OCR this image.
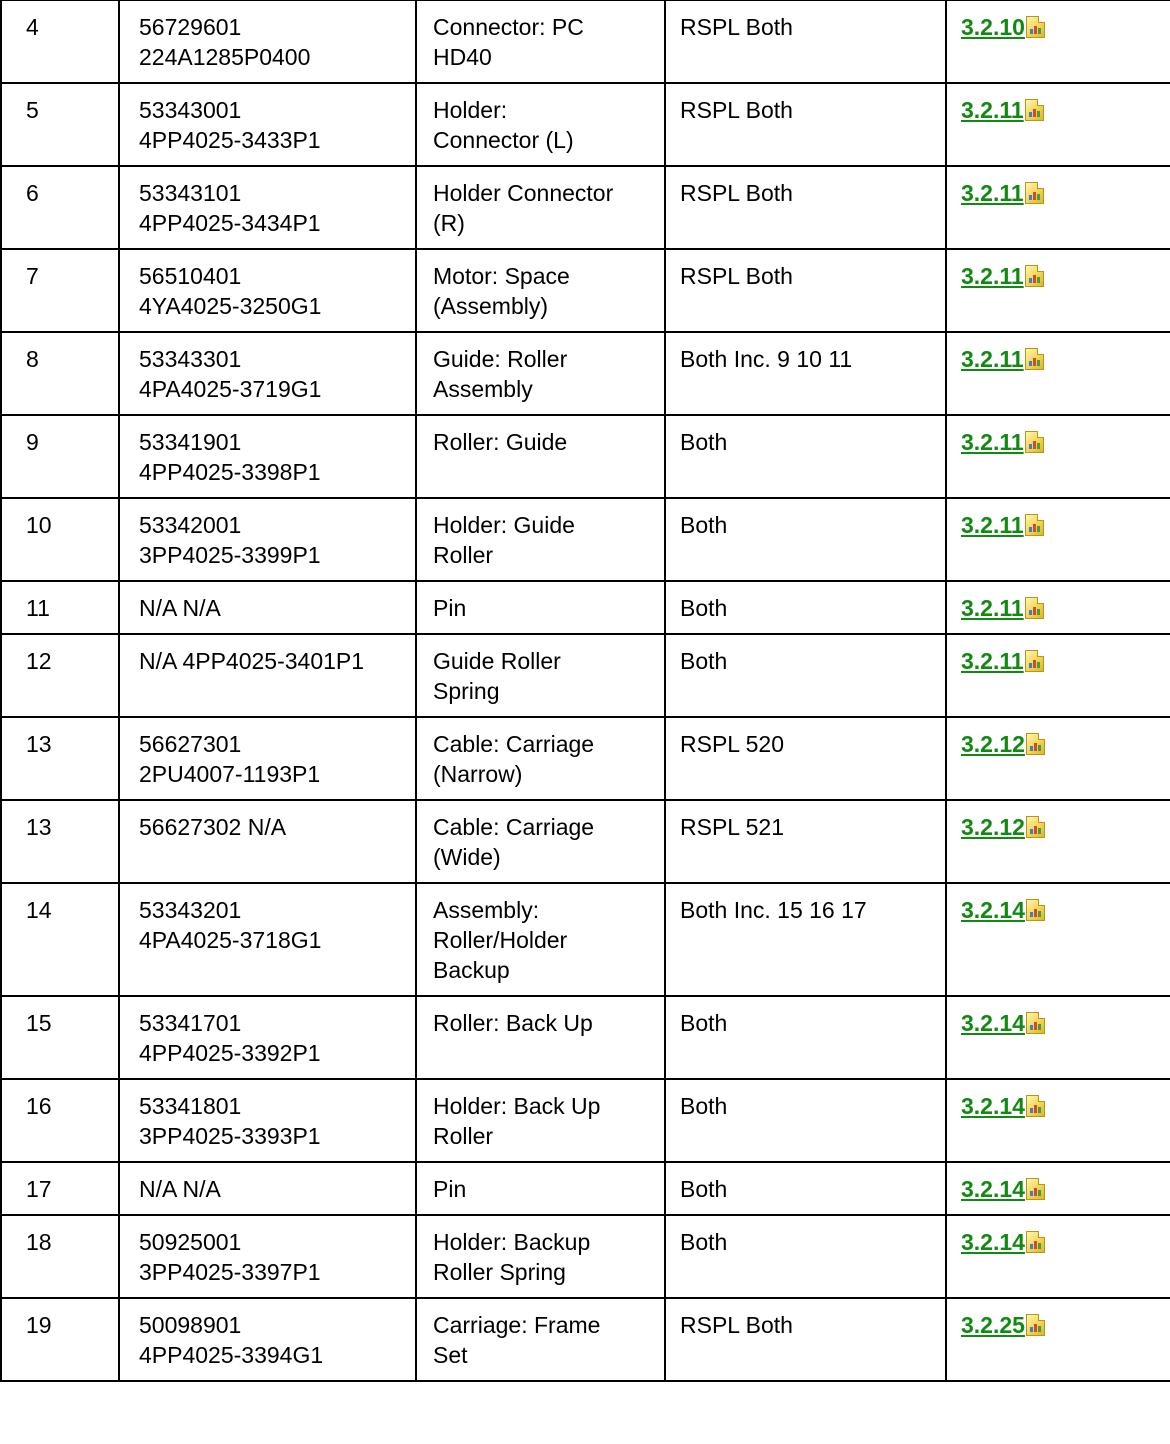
4	56729601
224A1285P0400	Connector: PC
HD40	RSPL Both	3.2.10

5	53343001
4PP4025-3433P1	Holder:
Connector (L)	RSPL Both	3.2.11

6	53343101
4PP4025-3434P1	Holder Connector
(R)	RSPL Both	3.2.11

7	56510401
4YA4025-3250G1	Motor: Space
(Assembly)	RSPL Both	3.2.11

8	53343301
4PA4025-3719G1	Guide: Roller
Assembly	Both Inc. 9 10 11	3.2.11

9	53341901
4PP4025-3398P1	Roller: Guide	Both	3.2.11

10	53342001
3PP4025-3399P1	Holder: Guide
Roller	Both	3.2.11

11	N/A N/A	Pin	Both	3.2.11

12	N/A 4PP4025-3401P1	Guide Roller
Spring	Both	3.2.11

13	56627301
2PU4007-1193P1	Cable: Carriage
(Narrow)	RSPL 520	3.2.12

13	56627302 N/A	Cable: Carriage
(Wide)	RSPL 521	3.2.12

14	53343201
4PA4025-3718G1	Assembly:
Roller/Holder
Backup	Both Inc. 15 16 17	3.2.14

15	53341701
4PP4025-3392P1	Roller: Back Up	Both	3.2.14

16	53341801
3PP4025-3393P1	Holder: Back Up
Roller	Both	3.2.14

17	N/A N/A	Pin	Both	3.2.14

18	50925001
3PP4025-3397P1	Holder: Backup
Roller Spring	Both	3.2.14

19	50098901
4PP4025-3394G1	Carriage: Frame
Set	RSPL Both	3.2.25
